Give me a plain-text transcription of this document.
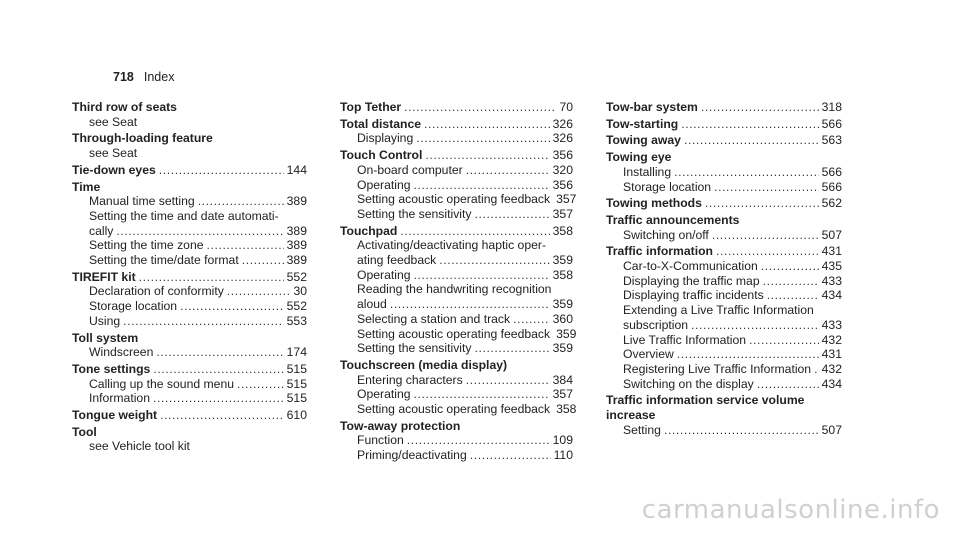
718 Index
Third row of seats
see Seat
Through-loading feature
see Seat
Tie-down eyes .....	144
Time
Manual time setting .....	389
Setting the time and date automati-
cally .....	389
Setting the time zone .....	389
Setting the time/date format .....	389
TIREFIT kit .....	552
Declaration of conformity .....	30
Storage location .....	552
Using .....	553
Toll system
Windscreen .....	174
Tone settings .....	515
Calling up the sound menu .....	515
Information .....	515
Tongue weight .....	610
Tool
see Vehicle tool kit
Top Tether .....	70
Total distance .....	326
Displaying .....	326
Touch Control .....	356
On-board computer .....	320
Operating .....	356
Setting acoustic operating feedback 357
Setting the sensitivity .....	357
Touchpad .....	358
Activating/deactivating haptic oper-
ating feedback .....	359
Operating .....	358
Reading the handwriting recognition
aloud .....	359
Selecting a station and track .....	360
Setting acoustic operating feedback 359
Setting the sensitivity .....	359
Touchscreen (media display)
Entering characters .....	384
Operating .....	357
Setting acoustic operating feedback 358
Tow-away protection
Function .....	109
Priming/deactivating .....	110
Tow-bar system .....	318
Tow-starting .....	566
Towing away .....	563
Towing eye
Installing .....	566
Storage location .....	566
Towing methods .....	562
Traffic announcements
Switching on/off .....	507
Traffic information .....	431
Car-to-X-Communication .....	435
Displaying the traffic map .....	433
Displaying traffic incidents .....	434
Extending a Live Traffic Information
subscription .....	433
Live Traffic Information .....	432
Overview .....	431
Registering Live Traffic Information ..... 432
Switching on the display .....	434
Traffic information service volume
increase
Setting .....	507
carmanualsonline.info
